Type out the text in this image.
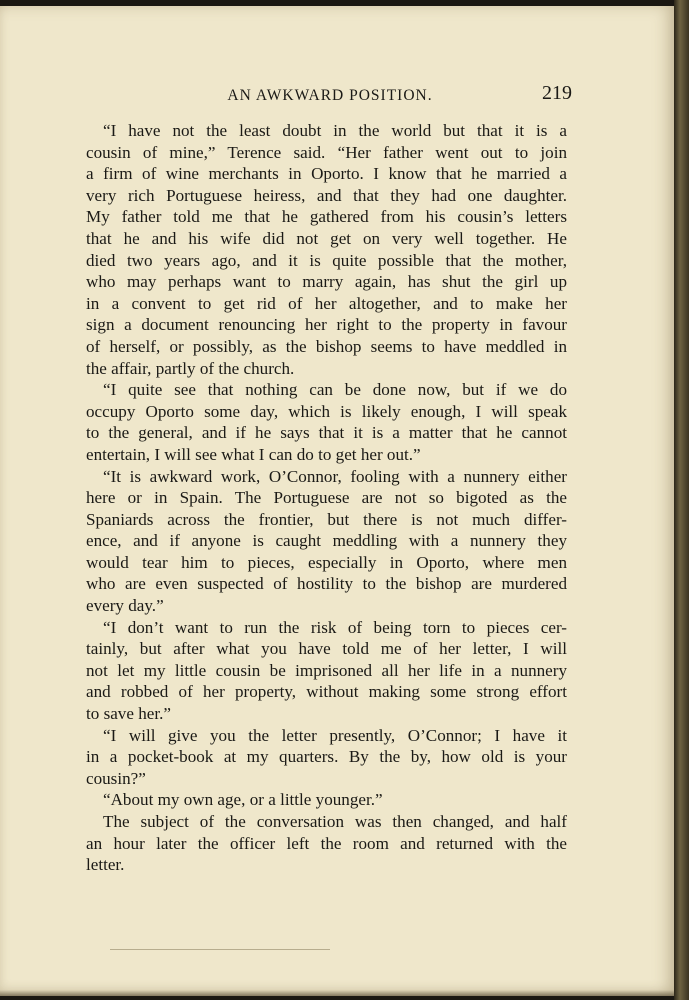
AN AWKWARD POSITION.	219
“I have not the least doubt in the world but that it is a
cousin of mine,” Terence said. “Her father went out to join
a firm of wine merchants in Oporto. I know that he married a
very rich Portuguese heiress, and that they had one daughter.
My father told me that he gathered from his cousin’s letters
that he and his wife did not get on very well together. He
died two years ago, and it is quite possible that the mother,
who may perhaps want to marry again, has shut the girl up
in a convent to get rid of her altogether, and to make her
sign a document renouncing her right to the property in favour
of herself, or possibly, as the bishop seems to have meddled in
the affair, partly of the church.
“I quite see that nothing can be done now, but if we do
occupy Oporto some day, which is likely enough, I will speak
to the general, and if he says that it is a matter that he cannot
entertain, I will see what I can do to get her out.”
“It is awkward work, O’Connor, fooling with a nunnery either
here or in Spain. The Portuguese are not so bigoted as the
Spaniards across the frontier, but there is not much differ-
ence, and if anyone is caught meddling with a nunnery they
would tear him to pieces, especially in Oporto, where men
who are even suspected of hostility to the bishop are murdered
every day.”
“I don’t want to run the risk of being torn to pieces cer-
tainly, but after what you have told me of her letter, I will
not let my little cousin be imprisoned all her life in a nunnery
and robbed of her property, without making some strong effort
to save her.”
“I will give you the letter presently, O’Connor; I have it
in a pocket-book at my quarters. By the by, how old is your
cousin?”
“About my own age, or a little younger.”
The subject of the conversation was then changed, and half
an hour later the officer left the room and returned with the
letter.
